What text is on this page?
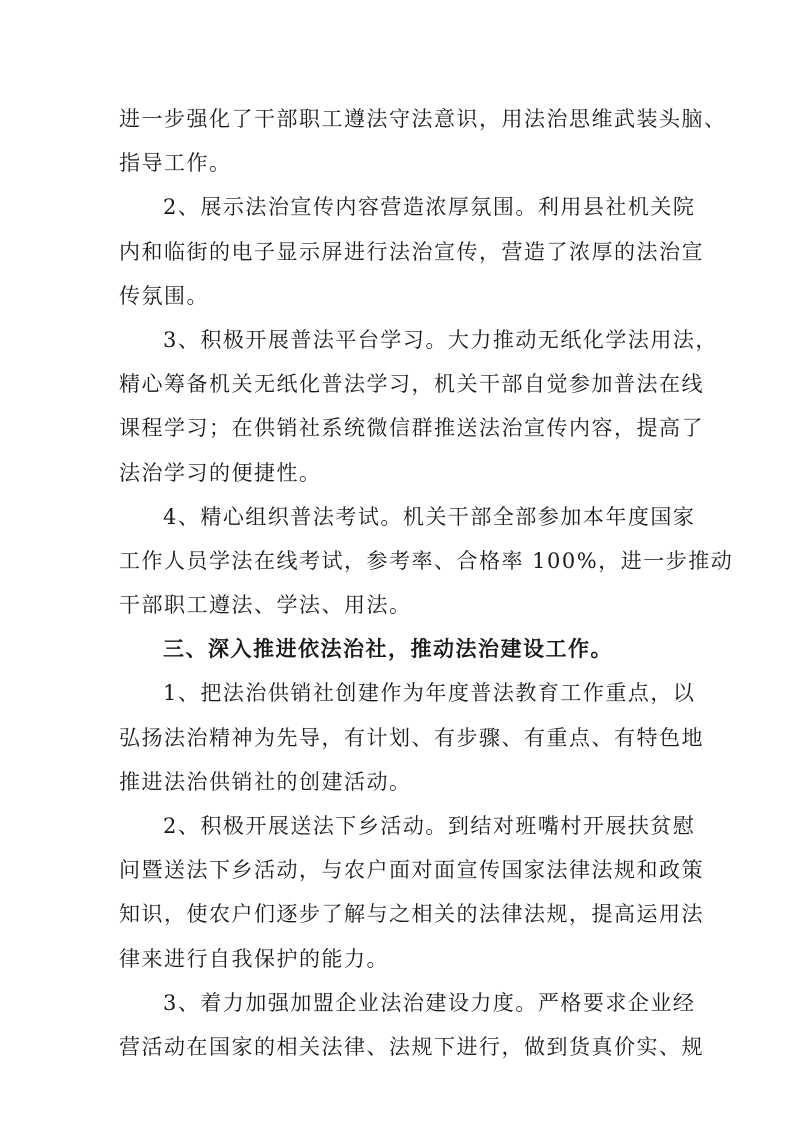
进一步强化了干部职工遵法守法意识，用法治思维武装头脑、
指导工作。
2、展示法治宣传内容营造浓厚氛围。利用县社机关院
内和临街的电子显示屏进行法治宣传，营造了浓厚的法治宣
传氛围。
3、积极开展普法平台学习。大力推动无纸化学法用法，
精心筹备机关无纸化普法学习，机关干部自觉参加普法在线
课程学习；在供销社系统微信群推送法治宣传内容，提高了
法治学习的便捷性。
4、精心组织普法考试。机关干部全部参加本年度国家
工作人员学法在线考试，参考率、合格率 100%，进一步推动
干部职工遵法、学法、用法。
三、深入推进依法治社，推动法治建设工作。
1、把法治供销社创建作为年度普法教育工作重点，以
弘扬法治精神为先导，有计划、有步骤、有重点、有特色地
推进法治供销社的创建活动。
2、积极开展送法下乡活动。到结对班嘴村开展扶贫慰
问暨送法下乡活动，与农户面对面宣传国家法律法规和政策
知识，使农户们逐步了解与之相关的法律法规，提高运用法
律来进行自我保护的能力。
3、着力加强加盟企业法治建设力度。严格要求企业经
营活动在国家的相关法律、法规下进行，做到货真价实、规
